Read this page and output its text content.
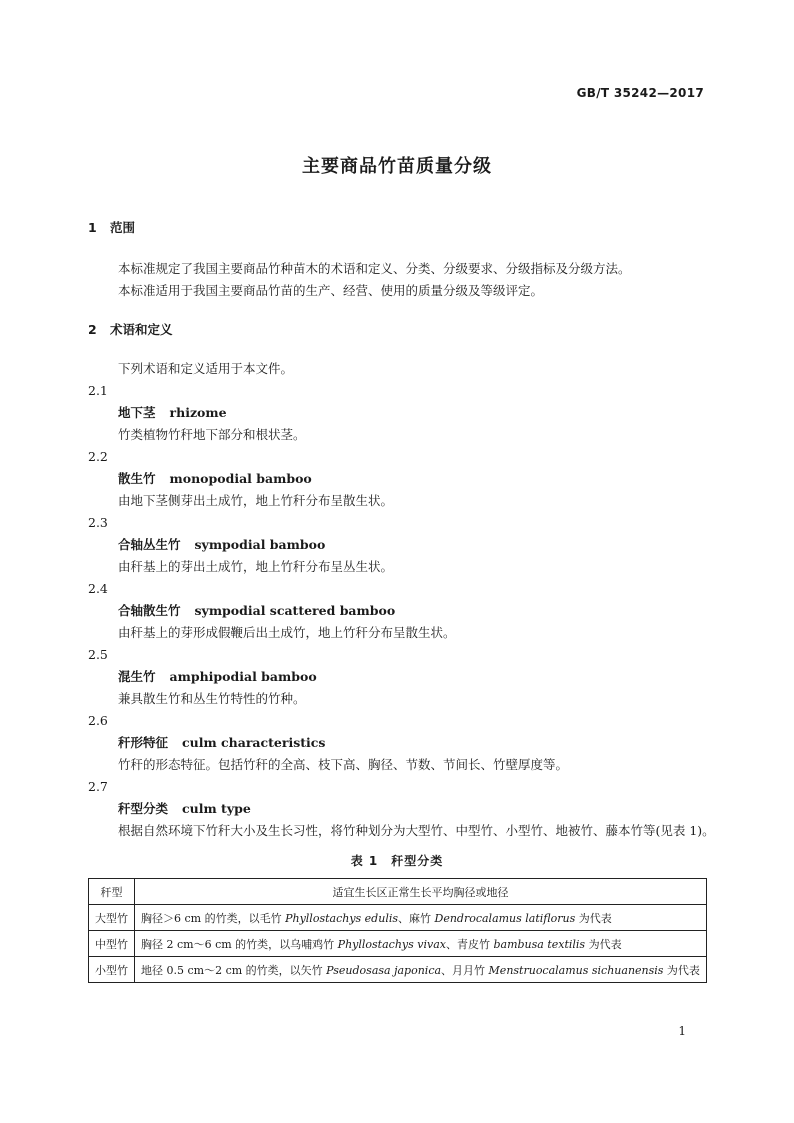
GB/T 35242—2017
主要商品竹苗质量分级
1 范围
本标准规定了我国主要商品竹种苗木的术语和定义、分类、分级要求、分级指标及分级方法。
本标准适用于我国主要商品竹苗的生产、经营、使用的质量分级及等级评定。
2 术语和定义
下列术语和定义适用于本文件。
2.1
地下茎 rhizome
竹类植物竹秆地下部分和根状茎。
2.2
散生竹 monopodial bamboo
由地下茎侧芽出土成竹，地上竹秆分布呈散生状。
2.3
合轴丛生竹 sympodial bamboo
由秆基上的芽出土成竹，地上竹秆分布呈丛生状。
2.4
合轴散生竹 sympodial scattered bamboo
由秆基上的芽形成假鞭后出土成竹，地上竹秆分布呈散生状。
2.5
混生竹 amphipodial bamboo
兼具散生竹和丛生竹特性的竹种。
2.6
秆形特征 culm characteristics
竹秆的形态特征。包括竹秆的全高、枝下高、胸径、节数、节间长、竹壁厚度等。
2.7
秆型分类 culm type
根据自然环境下竹秆大小及生长习性，将竹种划分为大型竹、中型竹、小型竹、地被竹、藤本竹等(见表 1)。
表 1　秆型分类
秆型	适宜生长区正常生长平均胸径或地径
大型竹	胸径＞6 cm 的竹类，以毛竹 Phyllostachys edulis、麻竹 Dendrocalamus latiflorus 为代表
中型竹	胸径 2 cm～6 cm 的竹类，以乌哺鸡竹 Phyllostachys vivax、青皮竹 bambusa textilis 为代表
小型竹	地径 0.5 cm～2 cm 的竹类，以矢竹 Pseudosasa japonica、月月竹 Menstruocalamus sichuanensis 为代表
1
